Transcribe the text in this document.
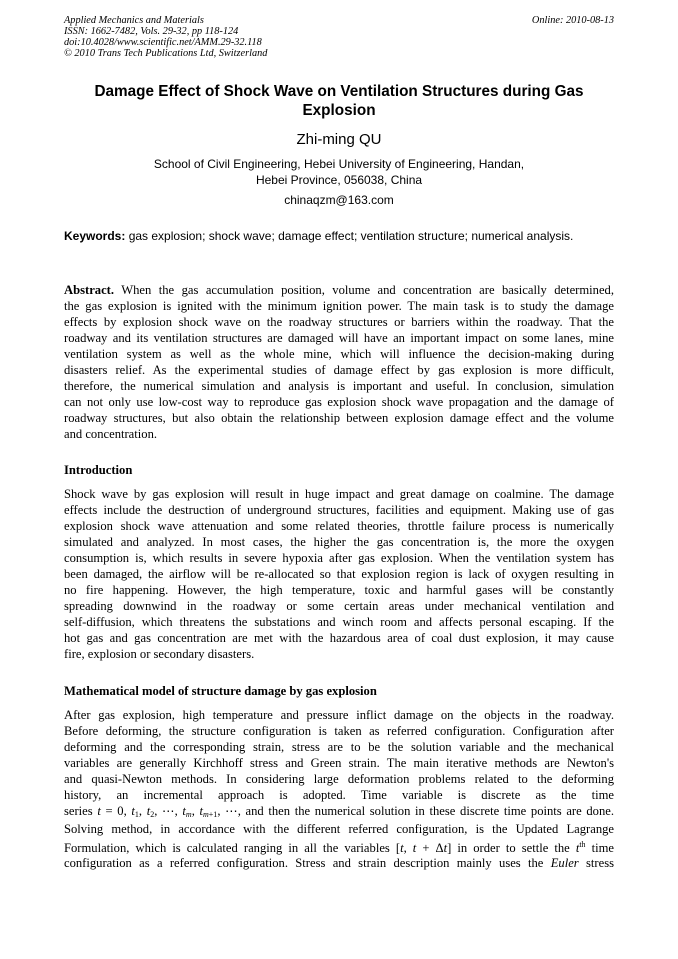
Applied Mechanics and Materials
ISSN: 1662-7482, Vols. 29-32, pp 118-124
doi:10.4028/www.scientific.net/AMM.29-32.118
© 2010 Trans Tech Publications Ltd, Switzerland
Online: 2010-08-13
Damage Effect of Shock Wave on Ventilation Structures during Gas
Explosion
Zhi-ming QU
School of Civil Engineering, Hebei University of Engineering, Handan,
Hebei Province, 056038, China
chinaqzm@163.com
Keywords: gas explosion; shock wave; damage effect; ventilation structure; numerical analysis.
Abstract. When the gas accumulation position, volume and concentration are basically determined,
the gas explosion is ignited with the minimum ignition power. The main task is to study the damage
effects by explosion shock wave on the roadway structures or barriers within the roadway. That the
roadway and its ventilation structures are damaged will have an important impact on some lanes, mine
ventilation system as well as the whole mine, which will influence the decision-making during
disasters relief. As the experimental studies of damage effect by gas explosion is more difficult,
therefore, the numerical simulation and analysis is important and useful. In conclusion, simulation
can not only use low-cost way to reproduce gas explosion shock wave propagation and the damage of
roadway structures, but also obtain the relationship between explosion damage effect and the volume
and concentration.
Introduction
Shock wave by gas explosion will result in huge impact and great damage on coalmine. The damage
effects include the destruction of underground structures, facilities and equipment. Making use of gas
explosion shock wave attenuation and some related theories, throttle failure process is numerically
simulated and analyzed. In most cases, the higher the gas concentration is, the more the oxygen
consumption is, which results in severe hypoxia after gas explosion. When the ventilation system has
been damaged, the airflow will be re-allocated so that explosion region is lack of oxygen resulting in
no fire happening. However, the high temperature, toxic and harmful gases will be constantly
spreading downwind in the roadway or some certain areas under mechanical ventilation and
self-diffusion, which threatens the substations and winch room and affects personal escaping. If the
hot gas and gas concentration are met with the hazardous area of coal dust explosion, it may cause
fire, explosion or secondary disasters.
Mathematical model of structure damage by gas explosion
After gas explosion, high temperature and pressure inflict damage on the objects in the roadway.
Before deforming, the structure configuration is taken as referred configuration. Configuration after
deforming and the corresponding strain, stress are to be the solution variable and the mechanical
variables are generally Kirchhoff stress and Green strain. The main iterative methods are Newton's
and quasi-Newton methods. In considering large deformation problems related to the deforming
history, an incremental approach is adopted. Time variable is discrete as the time
series t = 0, $t_1$, $t_2$, ⋯, $t_m$, $t_{m+1}$, ⋯, and then the numerical solution in these discrete time points are done.
Solving method, in accordance with the different referred configuration, is the Updated Lagrange
Formulation, which is calculated ranging in all the variables [t, t + Δt] in order to settle the $t^{th}$ time
configuration as a referred configuration. Stress and strain description mainly uses the Euler stress
